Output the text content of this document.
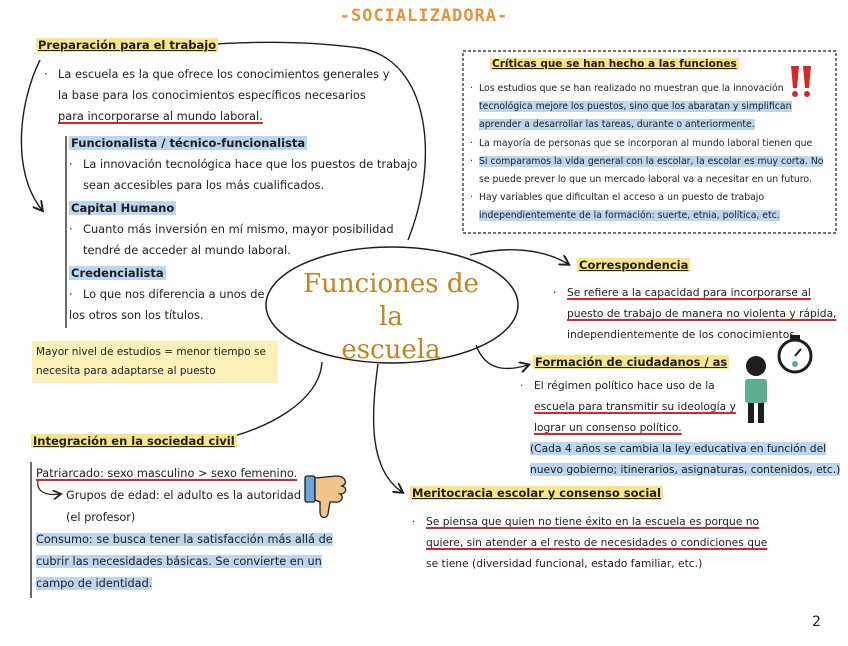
-SOCIALIZADORA-
Funciones de la
escuela
Preparación para el trabajo
· La escuela es la que ofrece los conocimientos generales y
la base para los conocimientos específicos necesarios
para incorporarse al mundo laboral.
Funcionalista / técnico-funcionalista
· La innovación tecnológica hace que los puestos de trabajo
sean accesibles para los más cualificados.
Capital Humano
· Cuanto más inversión en mí mismo, mayor posibilidad
tendré de acceder al mundo laboral.
Credencialista
· Lo que nos diferencia a unos de
los otros son los títulos.
Mayor nivel de estudios = menor tiempo se
necesita para adaptarse al puesto
Críticas que se han hecho a las funciones
· Los estudios que se han realizado no muestran que la innovación
tecnológica mejore los puestos, sino que los abaratan y simplifican
aprender a desarrollar las tareas, durante o anteriormente.
· La mayoría de personas que se incorporan al mundo laboral tienen que
· Si comparamos la vida general con la escolar, la escolar es muy corta. No
se puede prever lo que un mercado laboral va a necesitar en un futuro.
· Hay variables que dificultan el acceso a un puesto de trabajo
independientemente de la formación: suerte, etnia, política, etc.
Correspondencia
· Se refiere a la capacidad para incorporarse al
puesto de trabajo de manera no violenta y rápida,
independientemente de los conocimientos.
Formación de ciudadanos / as
· El régimen político hace uso de la
escuela para transmitir su ideología y
lograr un consenso político.
(Cada 4 años se cambia la ley educativa en función del
nuevo gobierno; itinerarios, asignaturas, contenidos, etc.)
Integración en la sociedad civil
Patriarcado: sexo masculino > sexo femenino.
Grupos de edad: el adulto es la autoridad
(el profesor)
Consumo: se busca tener la satisfacción más allá de
cubrir las necesidades básicas. Se convierte en un
campo de identidad.
Meritocracia escolar y consenso social
· Se piensa que quien no tiene éxito en la escuela es porque no
quiere, sin atender a el resto de necesidades o condiciones que
se tiene (diversidad funcional, estado familiar, etc.)
2
